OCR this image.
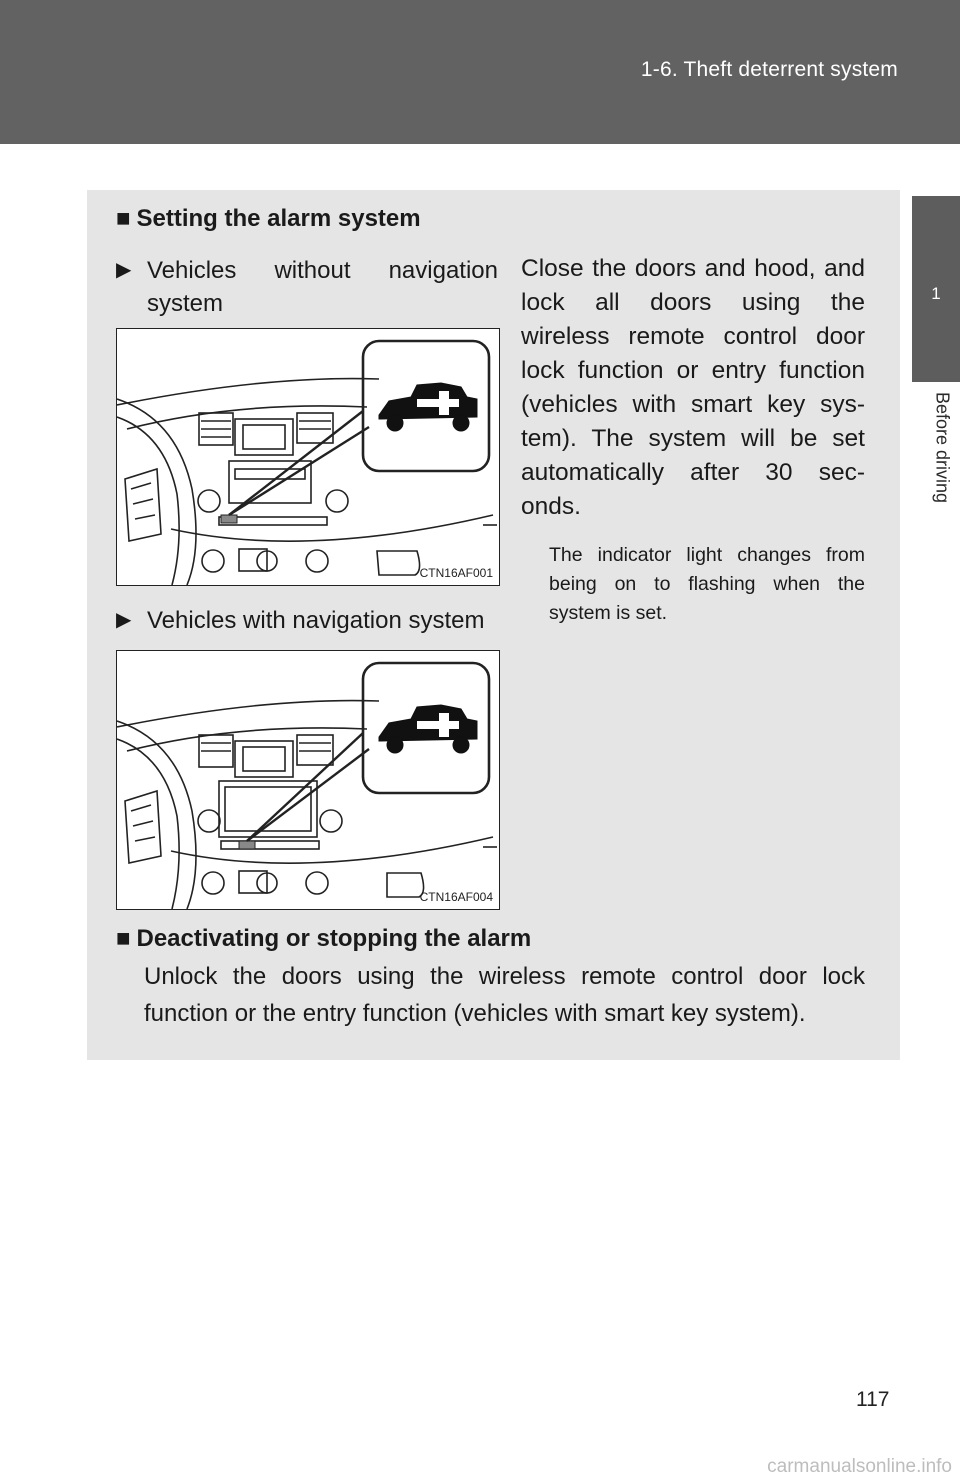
1-6. Theft deterrent system
1
Before driving
■ Setting the alarm system
▶ Vehicles without navigation system
CTN16AF001
▶ Vehicles with navigation system
CTN16AF004
Close the doors and hood, and lock all doors using the wireless remote control door lock function or entry function (vehicles with smart key sys-tem). The system will be set automatically after 30 sec-onds.
The indicator light changes from being on to flashing when the system is set.
■ Deactivating or stopping the alarm
Unlock the doors using the wireless remote control door lock function or the entry function (vehicles with smart key system).
117
carmanualsonline.info
